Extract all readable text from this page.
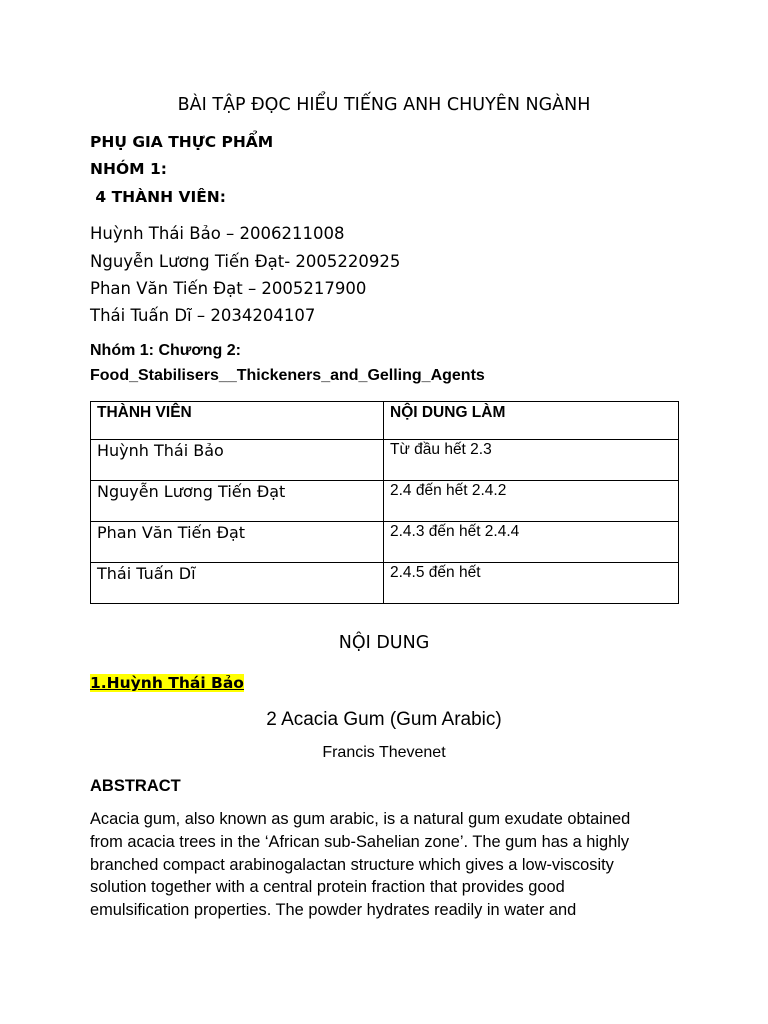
BÀI TẬP ĐỌC HIỂU TIẾNG ANH CHUYÊN NGÀNH
PHỤ GIA THỰC PHẨM
NHÓM 1:
4 THÀNH VIÊN:
Huỳnh Thái Bảo – 2006211008
Nguyễn Lương Tiến Đạt- 2005220925
Phan Văn Tiến Đạt – 2005217900
Thái Tuấn Dĩ – 2034204107
Nhóm 1: Chương 2:
Food_Stabilisers__Thickeners_and_Gelling_Agents
THÀNH VIÊN	NỘI DUNG LÀM
Huỳnh Thái Bảo	Từ đầu hết 2.3
Nguyễn Lương Tiến Đạt	2.4 đến hết 2.4.2
Phan Văn Tiến Đạt	2.4.3 đến hết 2.4.4
Thái Tuấn Dĩ	2.4.5 đến hết
NỘI DUNG
1.Huỳnh Thái Bảo
2 Acacia Gum (Gum Arabic)
Francis Thevenet
ABSTRACT
Acacia gum, also known as gum arabic, is a natural gum exudate obtained
from acacia trees in the ‘African sub-Sahelian zone’. The gum has a highly
branched compact arabinogalactan structure which gives a low-viscosity
solution together with a central protein fraction that provides good
emulsification properties. The powder hydrates readily in water and
